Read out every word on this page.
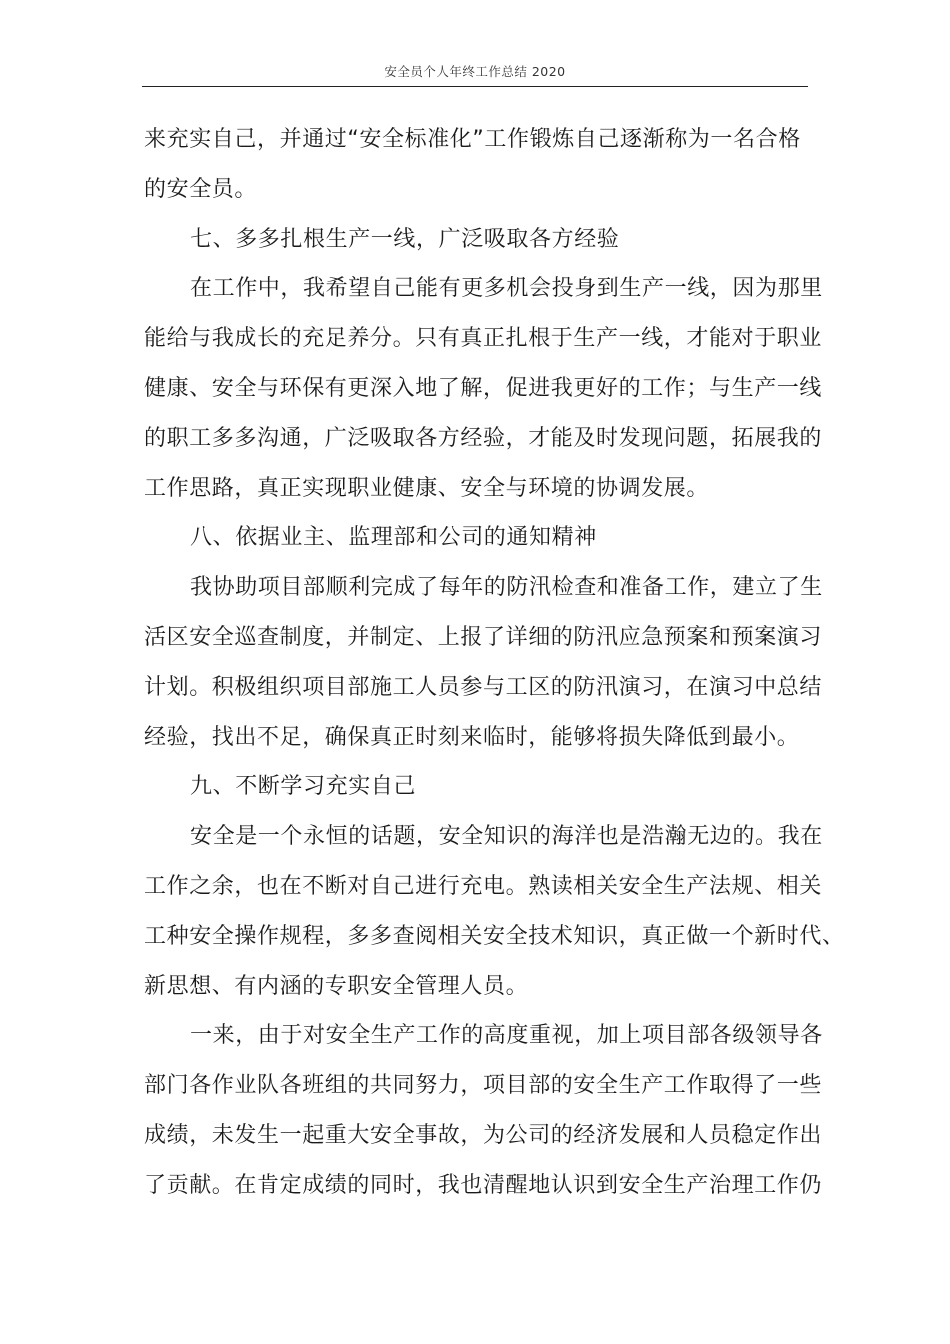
安全员个人年终工作总结 2020
来充实自己，并通过“安全标准化”工作锻炼自己逐渐称为一名合格
的安全员。
七、多多扎根生产一线，广泛吸取各方经验
在工作中，我希望自己能有更多机会投身到生产一线，因为那里
能给与我成长的充足养分。只有真正扎根于生产一线，才能对于职业
健康、安全与环保有更深入地了解，促进我更好的工作；与生产一线
的职工多多沟通，广泛吸取各方经验，才能及时发现问题，拓展我的
工作思路，真正实现职业健康、安全与环境的协调发展。
八、依据业主、监理部和公司的通知精神
我协助项目部顺利完成了每年的防汛检查和准备工作，建立了生
活区安全巡查制度，并制定、上报了详细的防汛应急预案和预案演习
计划。积极组织项目部施工人员参与工区的防汛演习，在演习中总结
经验，找出不足，确保真正时刻来临时，能够将损失降低到最小。
九、不断学习充实自己
安全是一个永恒的话题，安全知识的海洋也是浩瀚无边的。我在
工作之余，也在不断对自己进行充电。熟读相关安全生产法规、相关
工种安全操作规程，多多查阅相关安全技术知识，真正做一个新时代、
新思想、有内涵的专职安全管理人员。
一来，由于对安全生产工作的高度重视，加上项目部各级领导各
部门各作业队各班组的共同努力，项目部的安全生产工作取得了一些
成绩，未发生一起重大安全事故，为公司的经济发展和人员稳定作出
了贡献。在肯定成绩的同时，我也清醒地认识到安全生产治理工作仍
